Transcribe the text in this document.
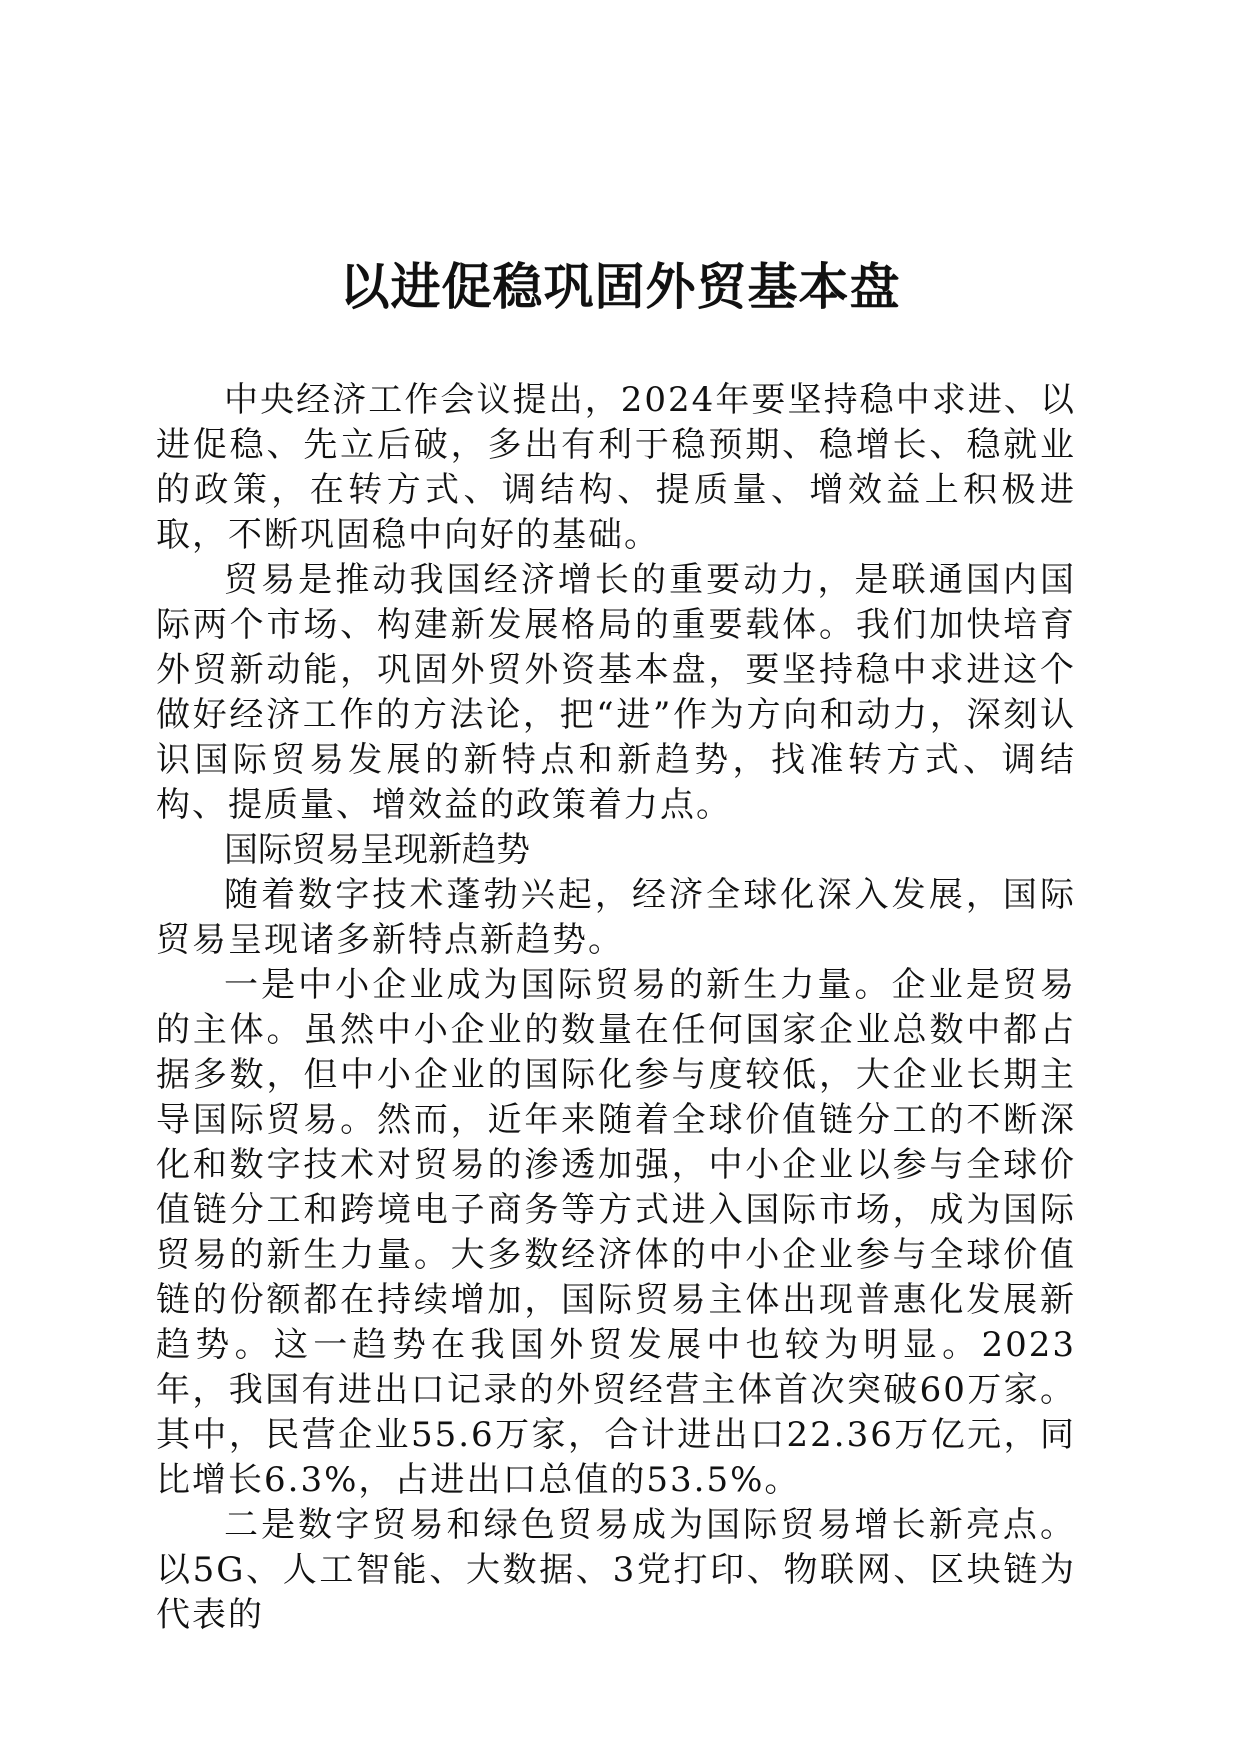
以进促稳巩固外贸基本盘

中央经济工作会议提出，2024年要坚持稳中求进、以进促稳、先立后破，多出有利于稳预期、稳增长、稳就业的政策，在转方式、调结构、提质量、增效益上积极进取，不断巩固稳中向好的基础。

贸易是推动我国经济增长的重要动力，是联通国内国际两个市场、构建新发展格局的重要载体。我们加快培育外贸新动能，巩固外贸外资基本盘，要坚持稳中求进这个做好经济工作的方法论，把“进”作为方向和动力，深刻认识国际贸易发展的新特点和新趋势，找准转方式、调结构、提质量、增效益的政策着力点。

国际贸易呈现新趋势

随着数字技术蓬勃兴起，经济全球化深入发展，国际贸易呈现诸多新特点新趋势。

一是中小企业成为国际贸易的新生力量。企业是贸易的主体。虽然中小企业的数量在任何国家企业总数中都占据多数，但中小企业的国际化参与度较低，大企业长期主导国际贸易。然而，近年来随着全球价值链分工的不断深化和数字技术对贸易的渗透加强，中小企业以参与全球价值链分工和跨境电子商务等方式进入国际市场，成为国际贸易的新生力量。大多数经济体的中小企业参与全球价值链的份额都在持续增加，国际贸易主体出现普惠化发展新趋势。这一趋势在我国外贸发展中也较为明显。2023年，我国有进出口记录的外贸经营主体首次突破60万家。其中，民营企业55.6万家，合计进出口22.36万亿元，同比增长6.3%，占进出口总值的53.5%。

二是数字贸易和绿色贸易成为国际贸易增长新亮点。以5G、人工智能、大数据、3党打印、物联网、区块链为代表的
